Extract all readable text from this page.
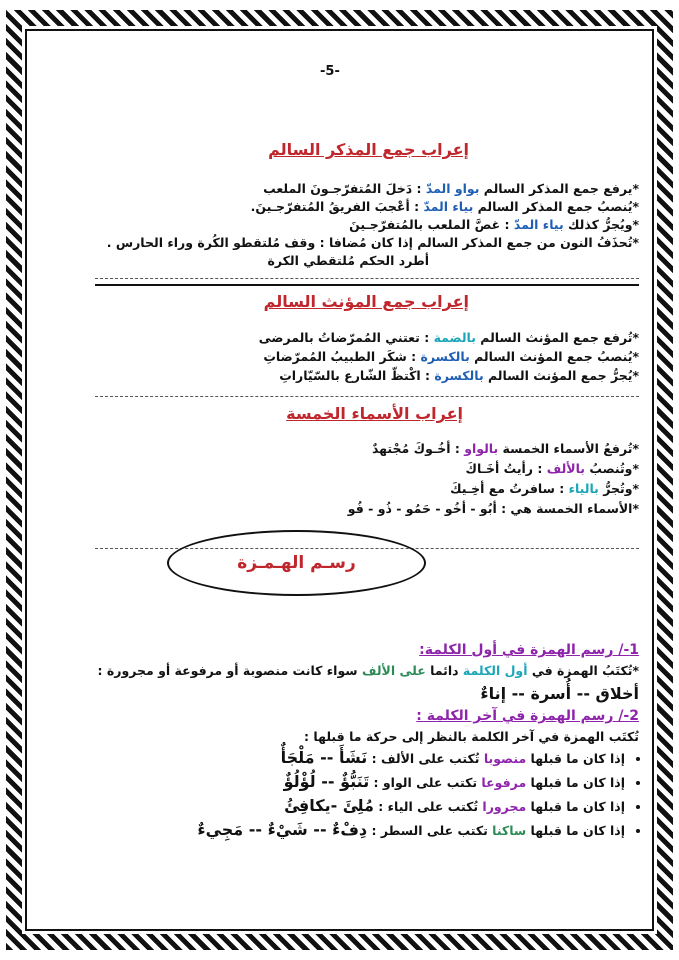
-5-
إعراب جمع المذكر السالم
*يرفع جمع المذكر السالم بواو المدّ : دَخلَ المُتفرّجـونَ الملعب
*يُنصبُ جمع المذكر السالم بياء المدّ : أعْجبَ الفريقُ المُتفرّجـينَ.
*ويُجرُّ كذلك بياء المدّ : غصَّ الملعب بالمُتفرّجـينَ
*تُحذَفُ النون من جمع المذكر السالم إذا كان مُضافا : وقف مُلتقطو الكُرة وراء الحارس .
أطرد الحكم مُلتقطي الكرة
إعراب جمع المؤنث السالم
*تُرفع جمع المؤنث السالم بالضمة : تعتني المُمرّضاتُ بالمرضى
*يُنصبُ جمع المؤنث السالم بالكسرة : شكَر الطبيبُ المُمرّضاتِ
*يُجرُّ جمع المؤنث السالم بالكسرة : اكْتظّ الشّارع بالسّيّاراتِ
إعراب الأسماء الخمسة
*تُرفعُ الأسماء الخمسة بالواو : أخُـوكَ مُجْتهدٌ
*وتُنصبُ بالألف : رأيتُ أخَـاكَ
*وتُجرُّ بالياء : سافرتُ مع أخِـيكَ
*الأسماء الخمسة هي : أبُو - أخُو - حَمُو - ذُو - فُو
رسـم الهـمـزة
1-/ رسم الهمزة في أول الكلمة:
*تُكتَبُ الهمزة في أول الكلمة دائما على الألف سواء كانت منصوبة أو مرفوعة أو مجرورة :
أخلاق -- أُسرة -- إناءٌ
2-/ رسم الهمزة في آخر الكلمة :
تُكتَب الهمزة في آخر الكلمة بالنظر إلى حركة ما قبلها :
• إذا كان ما قبلها منصوبا تُكتب على الألف : نَشَأَ -- مَلْجَأٌ
• إذا كان ما قبلها مرفوعا تكتب على الواو : تَنَبُّؤٌ -- لُؤْلُؤٌ
• إذا كان ما قبلها مجرورا تُكتب على الياء : مُلِئَ -يكافِئُ
• إذا كان ما قبلها ساكنا تكتب على السطر : دِفْءٌ -- شَيْءٌ -- مَجِيءٌ
